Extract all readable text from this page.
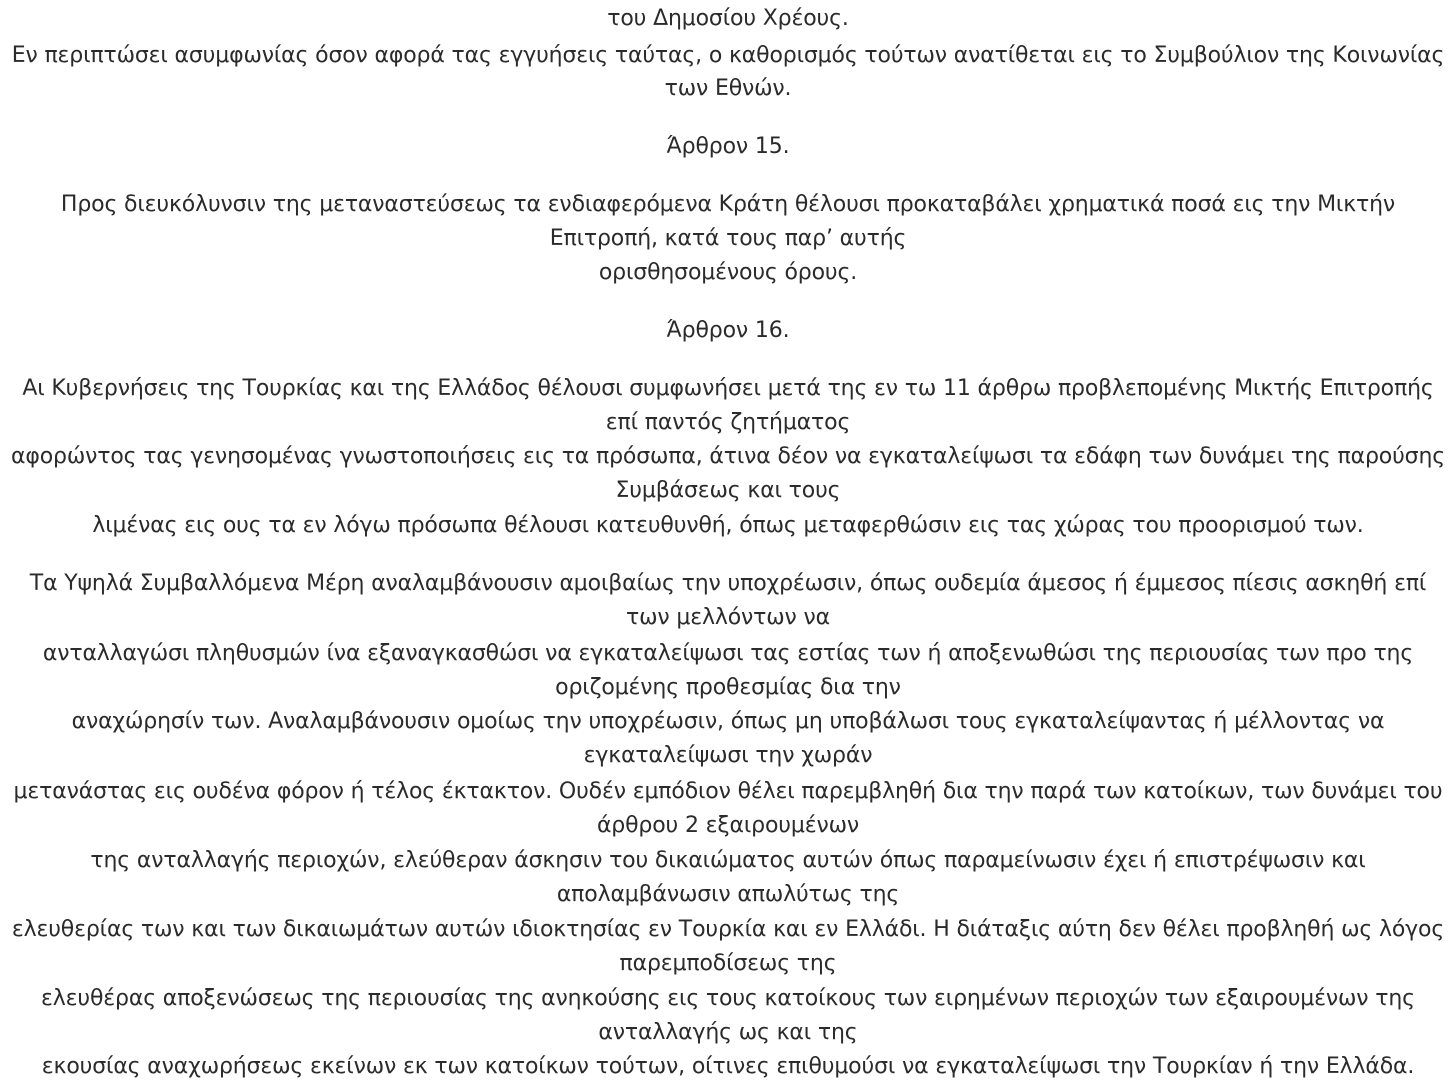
του Δημοσίου Χρέους.
Εν περιπτώσει ασυμφωνίας όσον αφορά τας εγγυήσεις ταύτας, ο καθορισμός τούτων ανατίθεται εις το Συμβούλιον της Κοινωνίας
των Εθνών.
Άρθρον 15.
Προς διευκόλυνσιν της μεταναστεύσεως τα ενδιαφερόμενα Κράτη θέλουσι προκαταβάλει χρηματικά ποσά εις την Μικτήν
Επιτροπή, κατά τους παρ’ αυτής
ορισθησομένους όρους.
Άρθρον 16.
Αι Κυβερνήσεις της Τουρκίας και της Ελλάδος θέλουσι συμφωνήσει μετά της εν τω 11 άρθρω προβλεπομένης Μικτής Επιτροπής
επί παντός ζητήματος
αφορώντος τας γενησομένας γνωστοποιήσεις εις τα πρόσωπα, άτινα δέον να εγκαταλείψωσι τα εδάφη των δυνάμει της παρούσης
Συμβάσεως και τους
λιμένας εις ους τα εν λόγω πρόσωπα θέλουσι κατευθυνθή, όπως μεταφερθώσιν εις τας χώρας του προορισμού των.
Τα Υψηλά Συμβαλλόμενα Μέρη αναλαμβάνουσιν αμοιβαίως την υποχρέωσιν, όπως ουδεμία άμεσος ή έμμεσος πίεσις ασκηθή επί
των μελλόντων να
ανταλλαγώσι πληθυσμών ίνα εξαναγκασθώσι να εγκαταλείψωσι τας εστίας των ή αποξενωθώσι της περιουσίας των προ της
οριζομένης προθεσμίας δια την
αναχώρησίν των. Αναλαμβάνουσιν ομοίως την υποχρέωσιν, όπως μη υποβάλωσι τους εγκαταλείψαντας ή μέλλοντας να
εγκαταλείψωσι την χωράν
μετανάστας εις ουδένα φόρον ή τέλος έκτακτον. Ουδέν εμπόδιον θέλει παρεμβληθή δια την παρά των κατοίκων, των δυνάμει του
άρθρου 2 εξαιρουμένων
της ανταλλαγής περιοχών, ελεύθεραν άσκησιν του δικαιώματος αυτών όπως παραμείνωσιν έχει ή επιστρέψωσιν και
απολαμβάνωσιν απωλύτως της
ελευθερίας των και των δικαιωμάτων αυτών ιδιοκτησίας εν Τουρκία και εν Ελλάδι. Η διάταξις αύτη δεν θέλει προβληθή ως λόγος
παρεμποδίσεως της
ελευθέρας αποξενώσεως της περιουσίας της ανηκούσης εις τους κατοίκους των ειρημένων περιοχών των εξαιρουμένων της
ανταλλαγής ως και της
εκουσίας αναχωρήσεως εκείνων εκ των κατοίκων τούτων, οίτινες επιθυμούσι να εγκαταλείψωσι την Τουρκίαν ή την Ελλάδα.
